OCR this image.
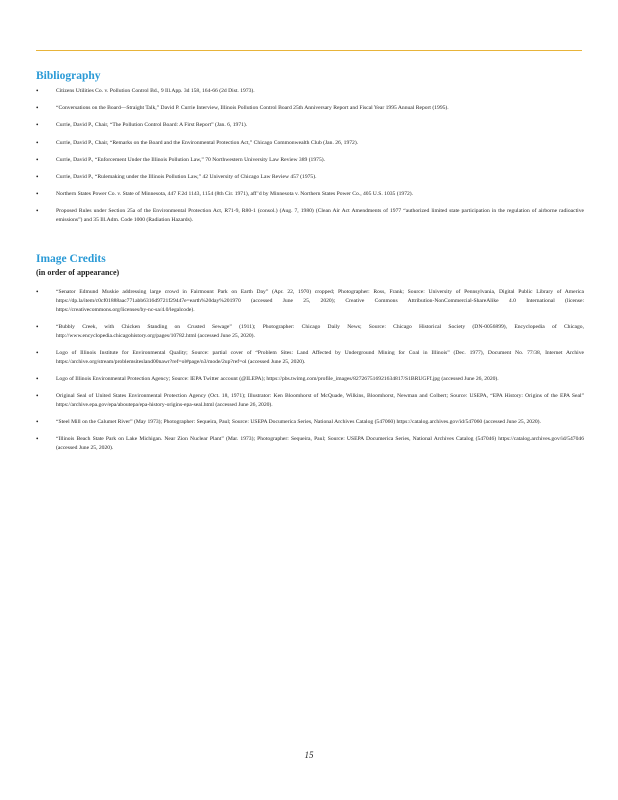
Bibliography
•	Citizens Utilities Co. v. Pollution Control Bd., 9 Ill.App. 3d 158, 164-66 (2d Dist. 1973).
•	“Conversations on the Board—Straight Talk,” David P. Currie Interview, Illinois Pollution Control Board 25th Anniversary Report and Fiscal Year 1995 Annual Report (1995).
•	Currie, David P., Chair, “The Pollution Control Board: A First Report” (Jan. 6, 1971).
•	Currie, David P., Chair, “Remarks on the Board and the Environmental Protection Act,” Chicago Commonwealth Club (Jan. 26, 1972).
•	Currie, David P., “Enforcement Under the Illinois Pollution Law,” 70 Northwestern University Law Review 389 (1975).
•	Currie, David P., “Rulemaking under the Illinois Pollution Law,” 42 University of Chicago Law Review 457 (1975).
•	Northern States Power Co. v. State of Minnesota, 447 F.2d 1143, 1154 (8th Cir. 1971), aff’d by Minnesota v. Northern States Power Co., 405 U.S. 1035 (1972).
•	Proposed Rules under Section 25a of the Environmental Protection Act, R71-9, R80-1 (consol.) (Aug. 7, 1980) (Clean Air Act Amendments of 1977 “authorized limited state participation in the regulation of airborne radioactive emissions”) and 35 Ill.Adm. Code 1000 (Radiation Hazards).
Image Credits
(in order of appearance)
•	“Senator Edmund Muskie addressing large crowd in Fairmount Park on Earth Day” (Apr. 22, 1970) cropped; Photographer: Ross, Frank; Source: University of Pennsylvania, Digital Public Library of America https://dp.la/item/c0cf01888aac771abb6316d9721f29447e=earth%20day%201970 (accessed June 25, 2020); Creative Commons Attribution-NonCommercial-ShareAlike 4.0 International (license: https://creativecommons.org/licenses/by-nc-sa/4.0/legalcode).
•	“Bubbly Creek, with Chicken Standing on Crusted Sewage” (1911); Photographer: Chicago Daily News; Source: Chicago Historical Society (DN-0056899), Encyclopedia of Chicago, http://www.encyclopedia.chicagohistory.org/pages/10782.html (accessed June 25, 2020).
•	Logo of Illinois Institute for Environmental Quality; Source: partial cover of “Problem Sites: Land Affected by Underground Mining for Coal in Illinois” (Dec. 1977), Document No. 77/38, Internet Archive https://archive.org/stream/problemsitesland00nawr?ref=ol#page/n3/mode/2up?ref=ol (accessed June 25, 2020).
•	Logo of Illinois Environmental Protection Agency; Source: IEPA Twitter account (@ILEPA); https://pbs.twimg.com/profile_images/827267516921634817/S1BRUGFf.jpg (accessed June 26, 2020).
•	Original Seal of United States Environmental Protection Agency (Oct. 18, 1971); Illustrator: Ken Bloomhorst of McQuade, Wilkins, Bloomhorst, Newman and Colbert; Source: USEPA, “EPA History: Origins of the EPA Seal” https://archive.epa.gov/epa/aboutepa/epa-history-origins-epa-seal.html (accessed June 26, 2020).
•	“Steel Mill on the Calumet River” (May 1973); Photographer: Sequeira, Paul; Source: USEPA Documerica Series, National Archives Catalog (547060) https://catalog.archives.gov/id/547060 (accessed June 25, 2020).
•	“Illinois Beach State Park on Lake Michigan. Near Zion Nuclear Plant” (Mar. 1973); Photographer: Sequeira, Paul; Source: USEPA Documerica Series, National Archives Catalog (547046) https://catalog.archives.gov/id/547046 (accessed June 25, 2020).
15
